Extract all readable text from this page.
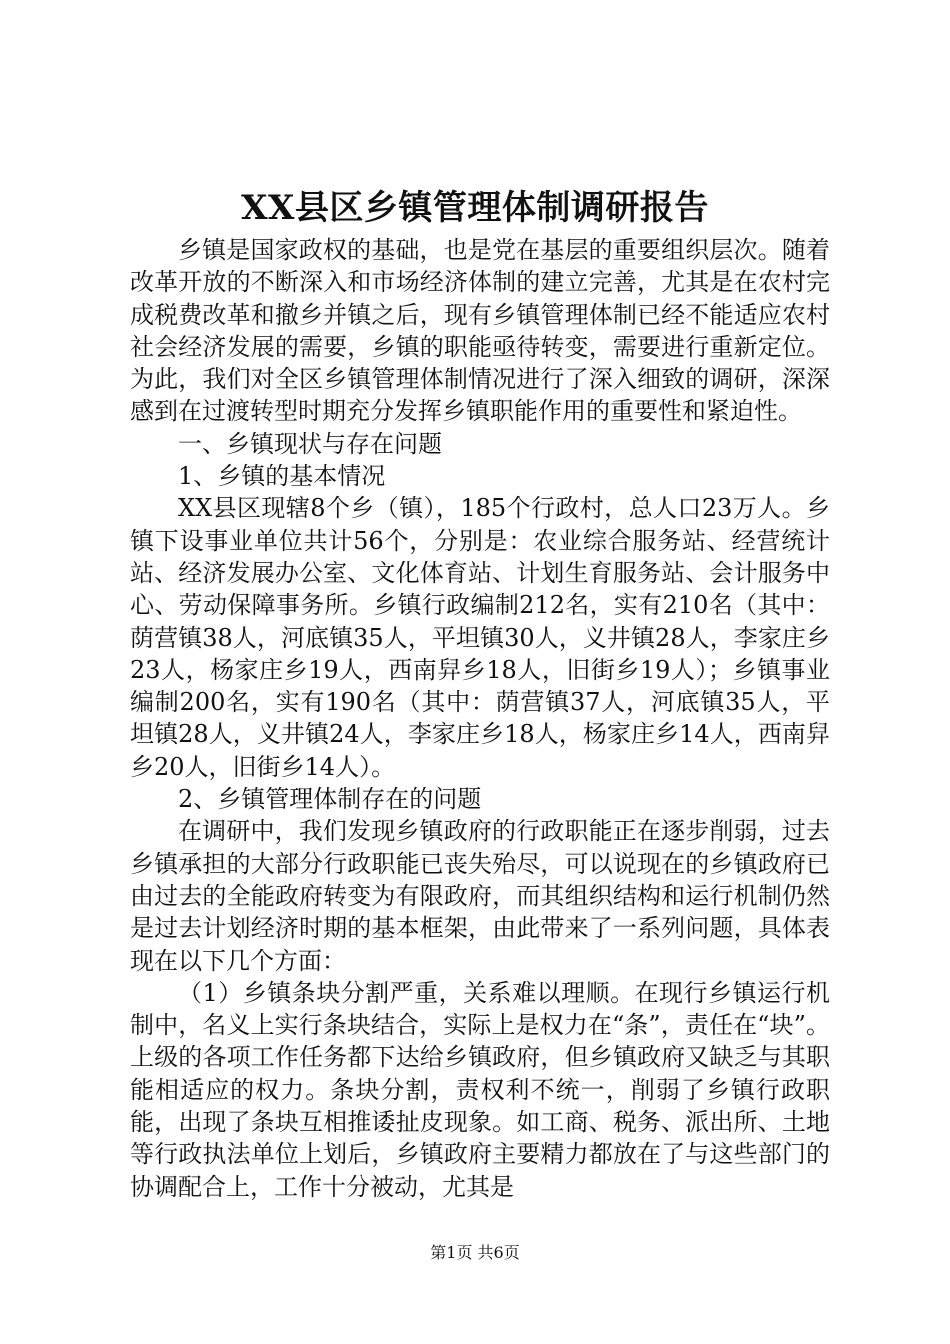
XX县区乡镇管理体制调研报告

乡镇是国家政权的基础，也是党在基层的重要组织层次。随着改革开放的不断深入和市场经济体制的建立完善，尤其是在农村完成税费改革和撤乡并镇之后，现有乡镇管理体制已经不能适应农村社会经济发展的需要，乡镇的职能亟待转变，需要进行重新定位。为此，我们对全区乡镇管理体制情况进行了深入细致的调研，深深感到在过渡转型时期充分发挥乡镇职能作用的重要性和紧迫性。

一、乡镇现状与存在问题

1、乡镇的基本情况

XX县区现辖8个乡（镇），185个行政村，总人口23万人。乡镇下设事业单位共计56个，分别是：农业综合服务站、经营统计站、经济发展办公室、文化体育站、计划生育服务站、会计服务中心、劳动保障事务所。乡镇行政编制212名，实有210名（其中：荫营镇38人，河底镇35人，平坦镇30人，义井镇28人，李家庄乡23人，杨家庄乡19人，西南舁乡18人，旧街乡19人）；乡镇事业编制200名，实有190名（其中：荫营镇37人，河底镇35人，平坦镇28人，义井镇24人，李家庄乡18人，杨家庄乡14人，西南舁乡20人，旧街乡14人）。

2、乡镇管理体制存在的问题

在调研中，我们发现乡镇政府的行政职能正在逐步削弱，过去乡镇承担的大部分行政职能已丧失殆尽，可以说现在的乡镇政府已由过去的全能政府转变为有限政府，而其组织结构和运行机制仍然是过去计划经济时期的基本框架，由此带来了一系列问题，具体表现在以下几个方面：

（1）乡镇条块分割严重，关系难以理顺。在现行乡镇运行机制中，名义上实行条块结合，实际上是权力在“条”，责任在“块”。上级的各项工作任务都下达给乡镇政府，但乡镇政府又缺乏与其职能相适应的权力。条块分割，责权利不统一，削弱了乡镇行政职能，出现了条块互相推诿扯皮现象。如工商、税务、派出所、土地等行政执法单位上划后，乡镇政府主要精力都放在了与这些部门的协调配合上，工作十分被动，尤其是

第1页 共6页
